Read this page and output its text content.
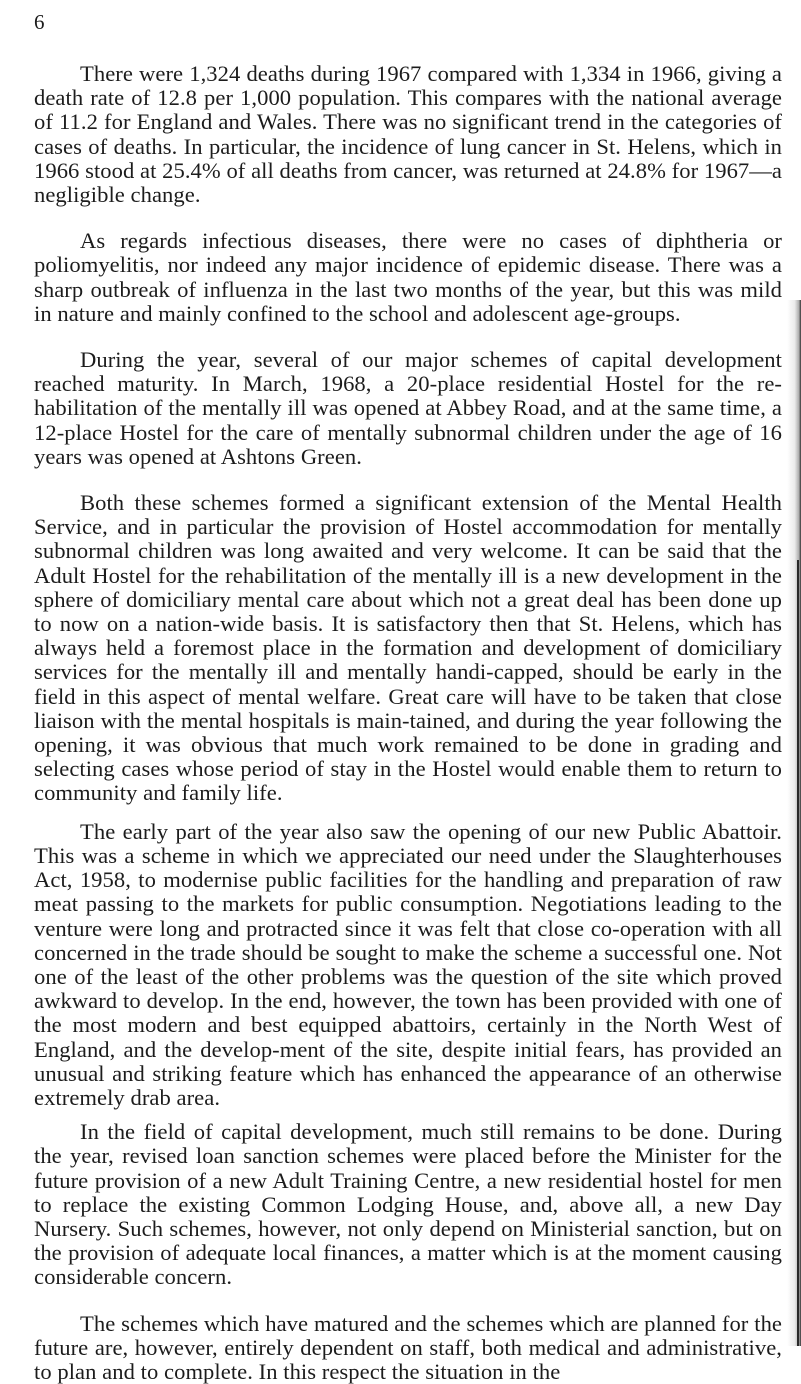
6

There were 1,324 deaths during 1967 compared with 1,334 in 1966, giving a death rate of 12.8 per 1,000 population. This compares with the national average of 11.2 for England and Wales. There was no significant trend in the categories of cases of deaths. In particular, the incidence of lung cancer in St. Helens, which in 1966 stood at 25.4% of all deaths from cancer, was returned at 24.8% for 1967—a negligible change.

As regards infectious diseases, there were no cases of diphtheria or poliomyelitis, nor indeed any major incidence of epidemic disease. There was a sharp outbreak of influenza in the last two months of the year, but this was mild in nature and mainly confined to the school and adolescent age-groups.

During the year, several of our major schemes of capital development reached maturity. In March, 1968, a 20-place residential Hostel for the re-habilitation of the mentally ill was opened at Abbey Road, and at the same time, a 12-place Hostel for the care of mentally subnormal children under the age of 16 years was opened at Ashtons Green.

Both these schemes formed a significant extension of the Mental Health Service, and in particular the provision of Hostel accommodation for mentally subnormal children was long awaited and very welcome. It can be said that the Adult Hostel for the rehabilitation of the mentally ill is a new development in the sphere of domiciliary mental care about which not a great deal has been done up to now on a nation-wide basis. It is satisfactory then that St. Helens, which has always held a foremost place in the formation and development of domiciliary services for the mentally ill and mentally handi-capped, should be early in the field in this aspect of mental welfare. Great care will have to be taken that close liaison with the mental hospitals is main-tained, and during the year following the opening, it was obvious that much work remained to be done in grading and selecting cases whose period of stay in the Hostel would enable them to return to community and family life.

The early part of the year also saw the opening of our new Public Abattoir. This was a scheme in which we appreciated our need under the Slaughterhouses Act, 1958, to modernise public facilities for the handling and preparation of raw meat passing to the markets for public consumption. Negotiations leading to the venture were long and protracted since it was felt that close co-operation with all concerned in the trade should be sought to make the scheme a successful one. Not one of the least of the other problems was the question of the site which proved awkward to develop. In the end, however, the town has been provided with one of the most modern and best equipped abattoirs, certainly in the North West of England, and the develop-ment of the site, despite initial fears, has provided an unusual and striking feature which has enhanced the appearance of an otherwise extremely drab area.

In the field of capital development, much still remains to be done. During the year, revised loan sanction schemes were placed before the Minister for the future provision of a new Adult Training Centre, a new residential hostel for men to replace the existing Common Lodging House, and, above all, a new Day Nursery. Such schemes, however, not only depend on Ministerial sanction, but on the provision of adequate local finances, a matter which is at the moment causing considerable concern.

The schemes which have matured and the schemes which are planned for the future are, however, entirely dependent on staff, both medical and administrative, to plan and to complete. In this respect the situation in the
